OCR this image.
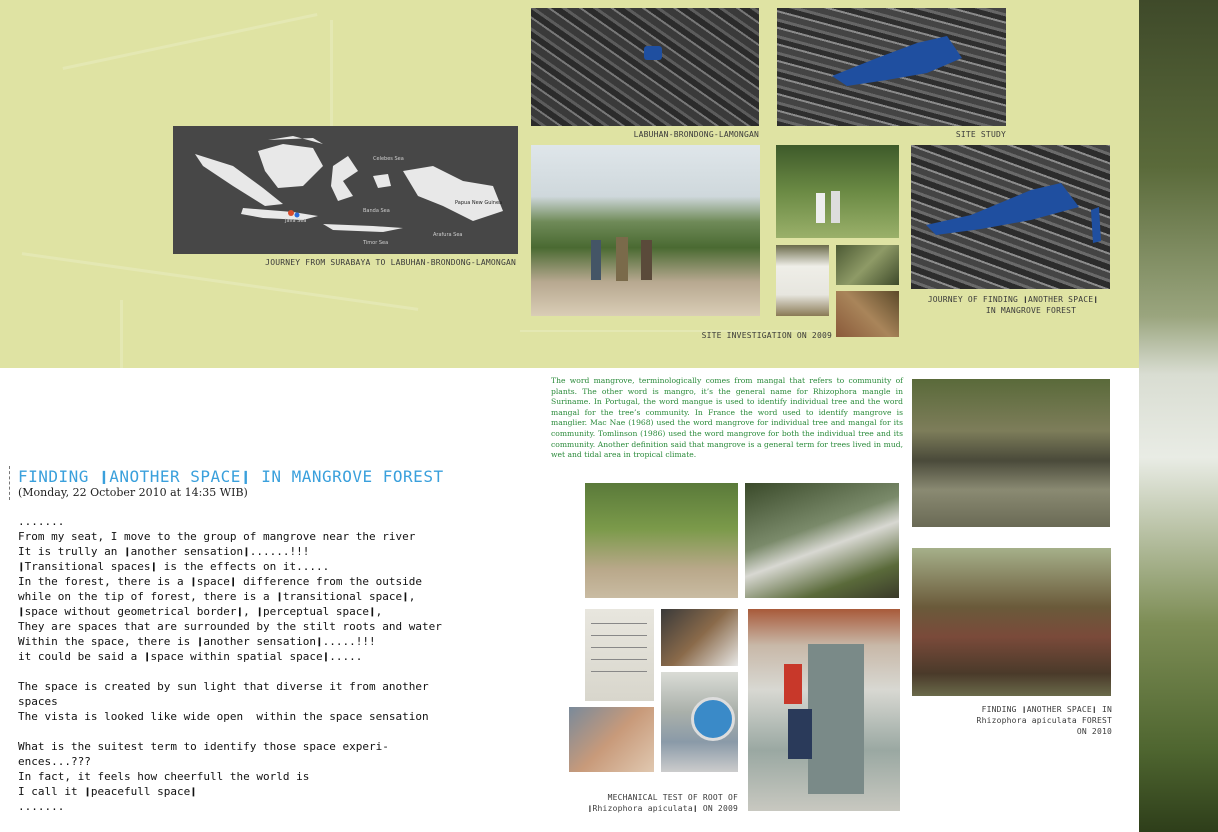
Celebes Sea
Java Sea
Banda Sea
Papua New Guinea
Timor Sea
Arafura Sea
JOURNEY FROM SURABAYA TO LABUHAN-BRONDONG-LAMONGAN
LABUHAN-BRONDONG-LAMONGAN	SITE STUDY
SITE INVESTIGATION ON 2009
JOURNEY OF FINDING ❙ANOTHER SPACE❙
IN MANGROVE FOREST
FINDING ❙ANOTHER SPACE❙ IN MANGROVE FOREST
(Monday, 22 October 2010 at 14:35 WIB)
.......
From my seat, I move to the group of mangrove near the river
It is trully an ❙another sensation❙......!!!
❙Transitional spaces❙ is the effects on it.....
In the forest, there is a ❙space❙ difference from the outside
while on the tip of forest, there is a ❙transitional space❙,
❙space without geometrical border❙, ❙perceptual space❙,
They are spaces that are surrounded by the stilt roots and water
Within the space, there is ❙another sensation❙.....!!!
it could be said a ❙space within spatial space❙.....
The space is created by sun light that diverse it from another
spaces
The vista is looked like wide open  within the space sensation
What is the suitest term to identify those space experi-
ences...???
In fact, it feels how cheerfull the world is
I call it ❙peacefull space❙
.......
The word mangrove, terminologically comes from mangal that refers to community of plants. The other word is mangro, it’s the general name for Rhizophora mangle in Suriname. In Portugal, the word mangue is used to identify individual tree and the word mangal for the tree’s community. In France the word used to identify mangrove is manglier. Mac Nae (1968) used the word mangrove for individual tree and mangal for its community. Tomlinson (1986) used the word mangrove for both the individual tree and its community. Another definition said that mangrove is a general term for trees lived in mud, wet and tidal area in tropical climate.
MECHANICAL TEST OF ROOT OF
❙Rhizophora apiculata❙ ON 2009
FINDING ❙ANOTHER SPACE❙ IN
Rhizophora apiculata FOREST
ON 2010
